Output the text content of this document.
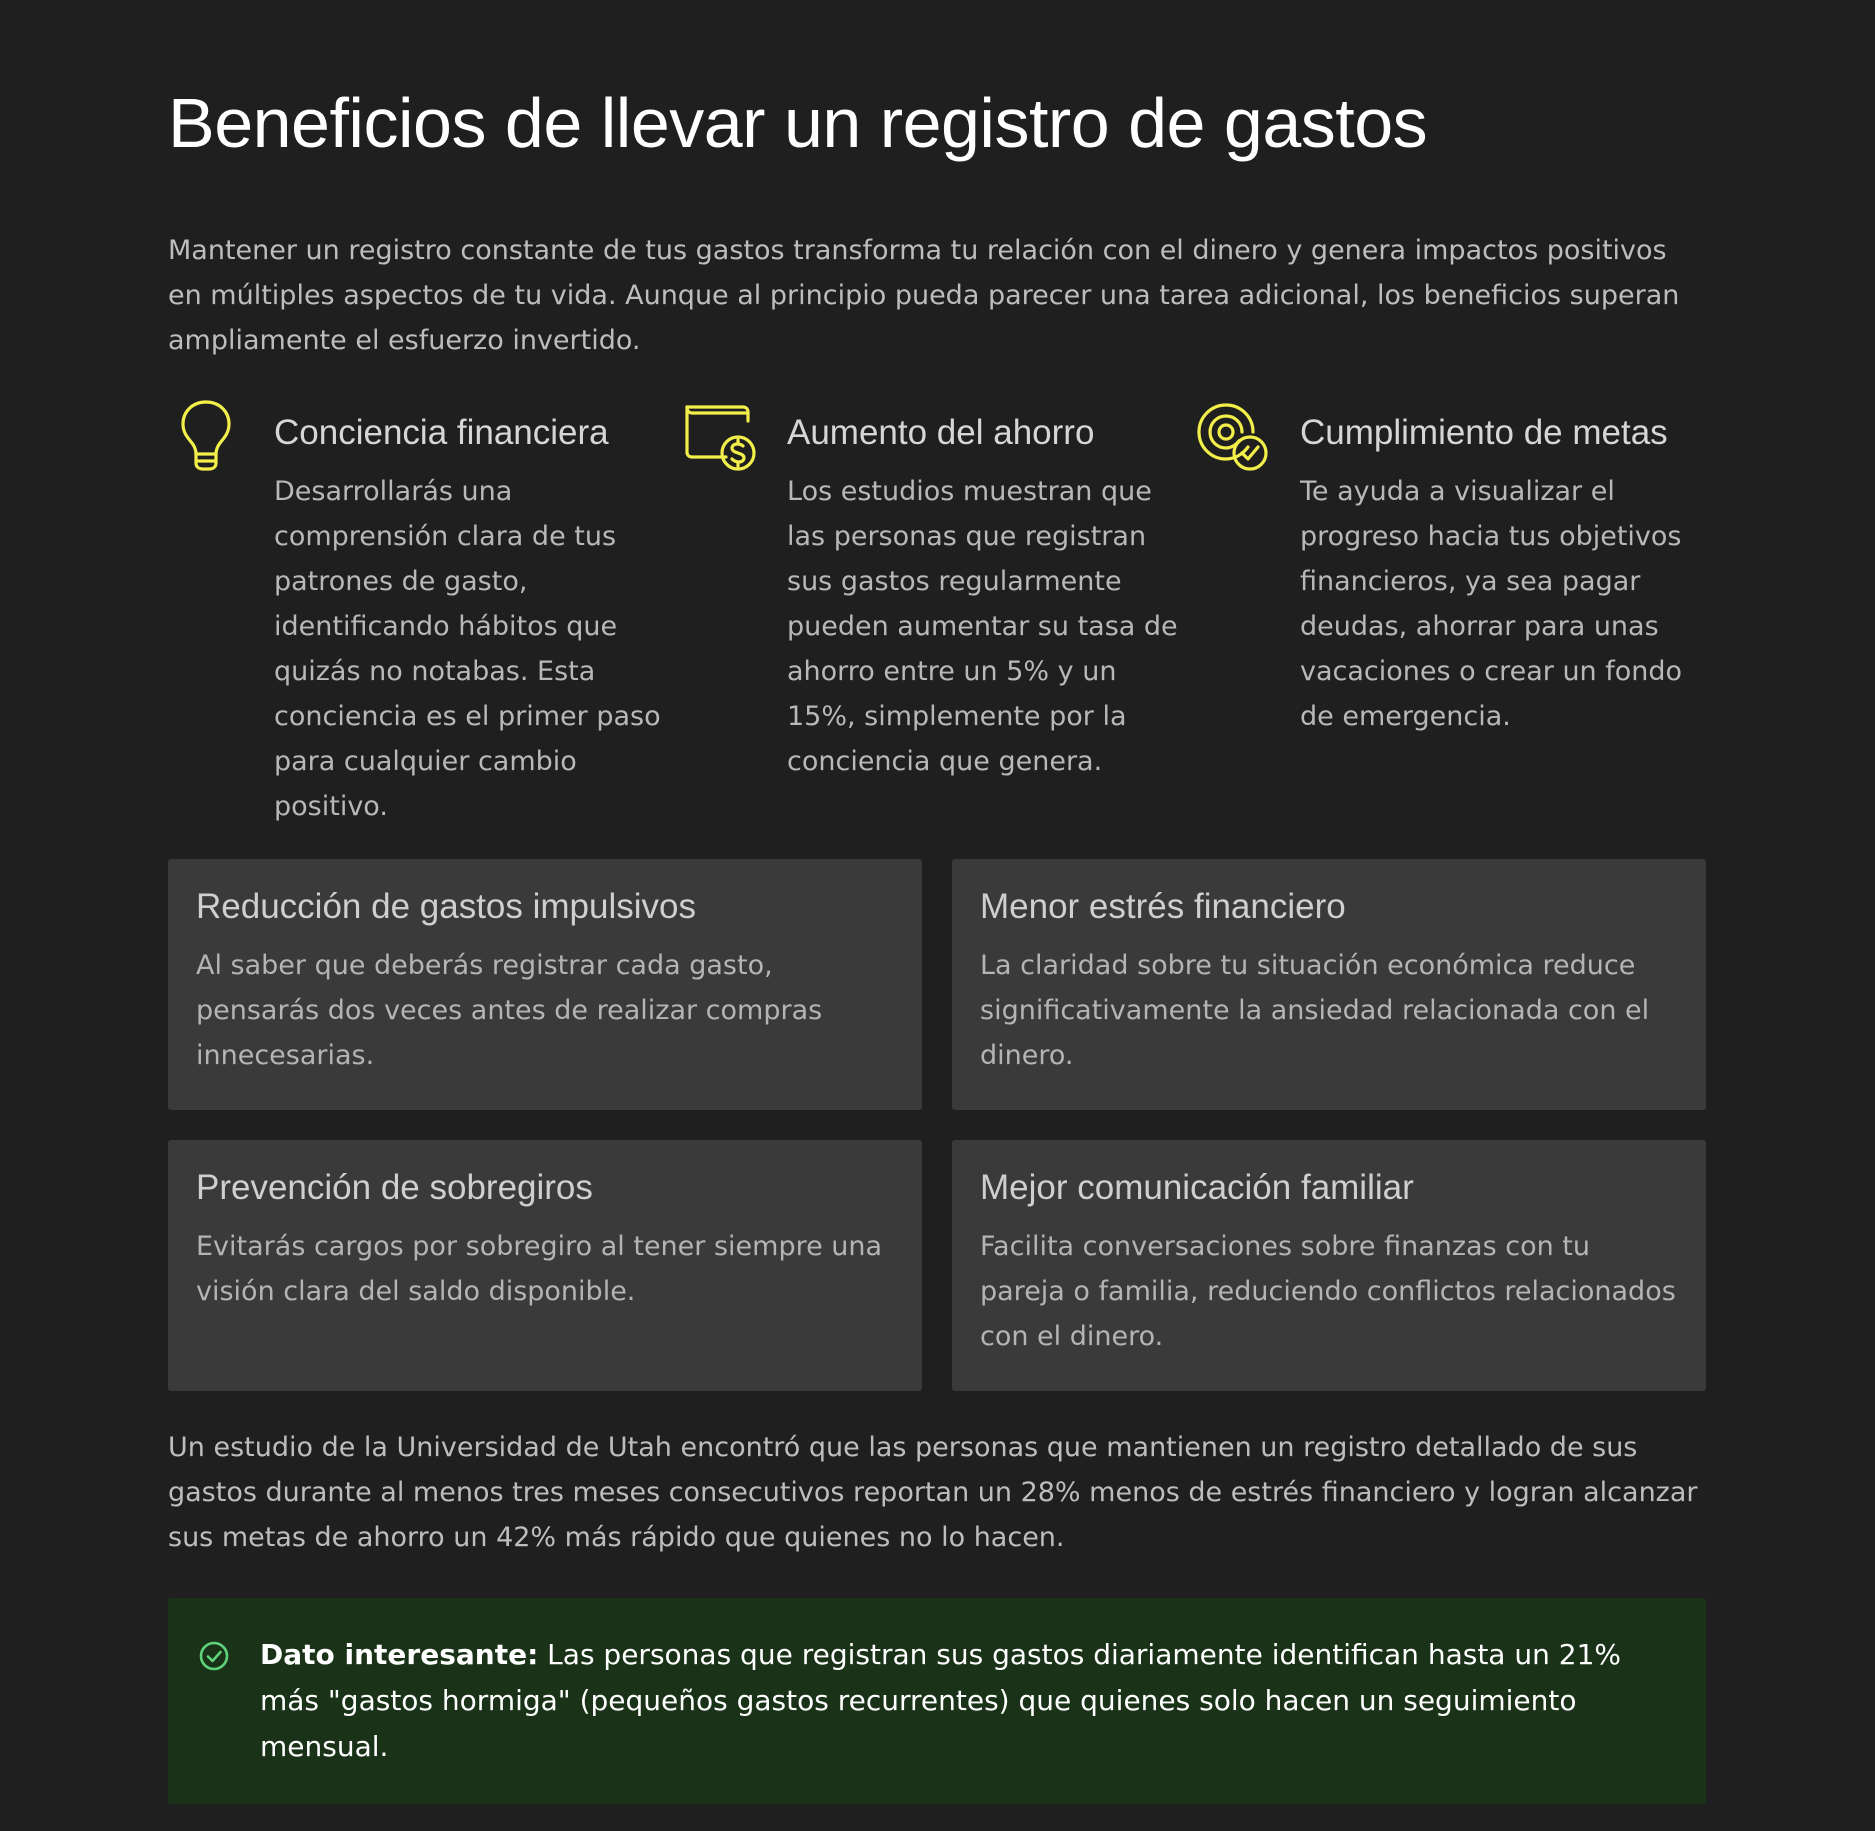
Beneficios de llevar un registro de gastos

Mantener un registro constante de tus gastos transforma tu relación con el dinero y genera impactos positivos en múltiples aspectos de tu vida. Aunque al principio pueda parecer una tarea adicional, los beneficios superan ampliamente el esfuerzo invertido.

Conciencia financiera

Desarrollarás una comprensión clara de tus patrones de gasto, identificando hábitos que quizás no notabas. Esta conciencia es el primer paso para cualquier cambio positivo.

Aumento del ahorro

Los estudios muestran que las personas que registran sus gastos regularmente pueden aumentar su tasa de ahorro entre un 5% y un 15%, simplemente por la conciencia que genera.

Cumplimiento de metas

Te ayuda a visualizar el progreso hacia tus objetivos financieros, ya sea pagar deudas, ahorrar para unas vacaciones o crear un fondo de emergencia.

Reducción de gastos impulsivos

Al saber que deberás registrar cada gasto, pensarás dos veces antes de realizar compras innecesarias.

Menor estrés financiero

La claridad sobre tu situación económica reduce significativamente la ansiedad relacionada con el dinero.

Prevención de sobregiros

Evitarás cargos por sobregiro al tener siempre una visión clara del saldo disponible.

Mejor comunicación familiar

Facilita conversaciones sobre finanzas con tu pareja o familia, reduciendo conflictos relacionados con el dinero.

Un estudio de la Universidad de Utah encontró que las personas que mantienen un registro detallado de sus gastos durante al menos tres meses consecutivos reportan un 28% menos de estrés financiero y logran alcanzar sus metas de ahorro un 42% más rápido que quienes no lo hacen.

Dato interesante: Las personas que registran sus gastos diariamente identifican hasta un 21% más "gastos hormiga" (pequeños gastos recurrentes) que quienes solo hacen un seguimiento mensual.
